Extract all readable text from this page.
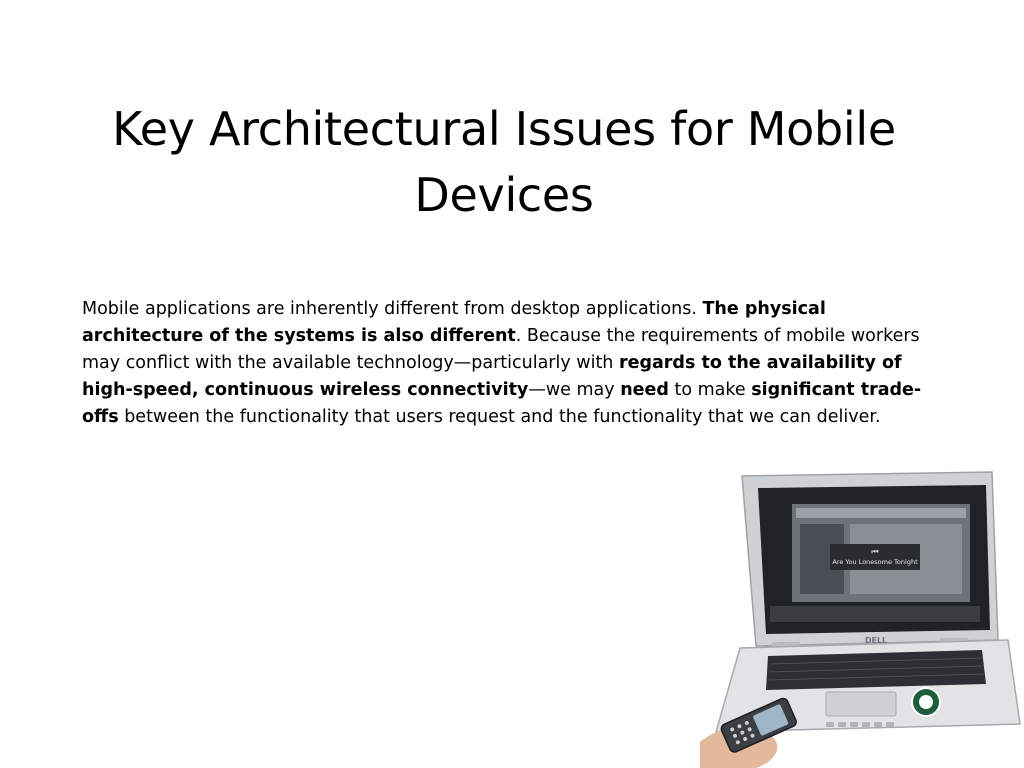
Key Architectural Issues for Mobile Devices

Mobile applications are inherently different from desktop applications. The physical architecture of the systems is also different. Because the requirements of mobile workers may conflict with the available technology—particularly with regards to the availability of high-speed, continuous wireless connectivity—we may need to make significant trade-offs between the functionality that users request and the functionality that we can deliver.

Are You Lonesome Tonight
⏮
DELL
